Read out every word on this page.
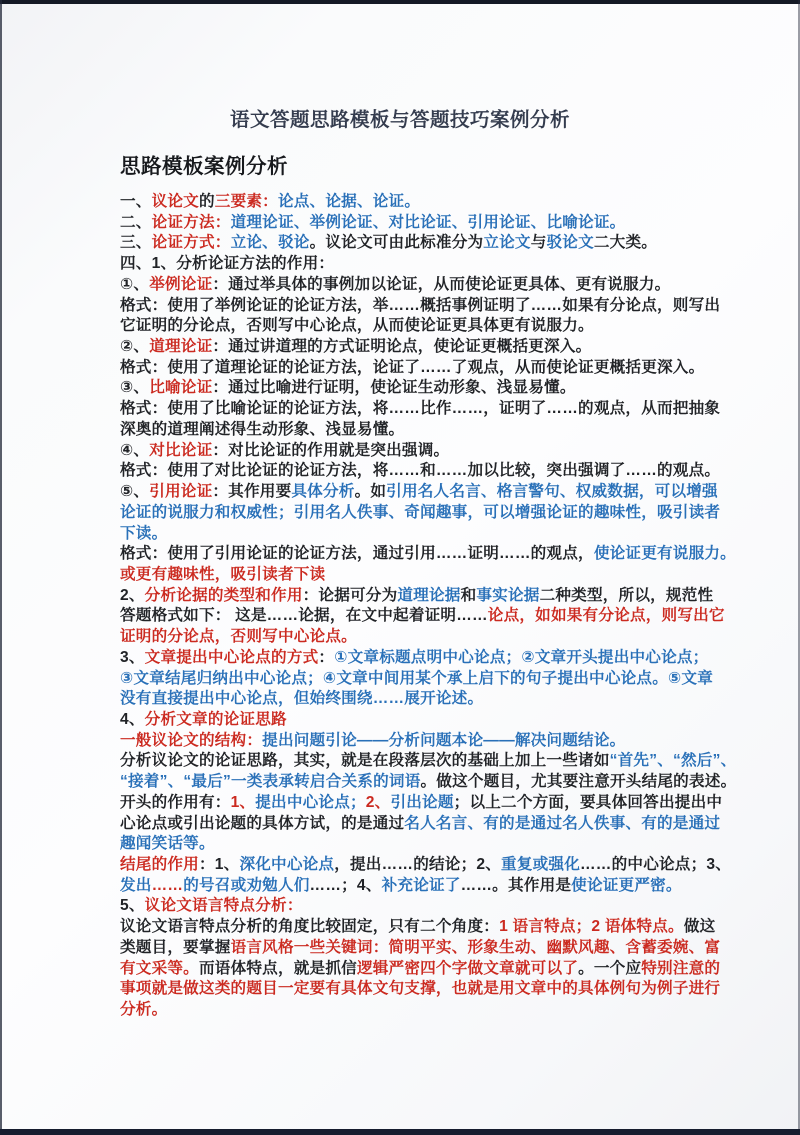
语文答题思路模板与答题技巧案例分析
思路模板案例分析
一、议论文的三要素：论点、论据、论证。
二、论证方法：道理论证、举例论证、对比论证、引用论证、比喻论证。
三、论证方式：立论、驳论。议论文可由此标准分为立论文与驳论文二大类。
四、1、分析论证方法的作用：
①、举例论证：通过举具体的事例加以论证，从而使论证更具体、更有说服力。
格式：使用了举例论证的论证方法，举……概括事例证明了……如果有分论点，则写出
它证明的分论点，否则写中心论点，从而使论证更具体更有说服力。
②、道理论证：通过讲道理的方式证明论点，使论证更概括更深入。
格式：使用了道理论证的论证方法，论证了……了观点，从而使论证更概括更深入。
③、比喻论证：通过比喻进行证明，使论证生动形象、浅显易懂。
格式：使用了比喻论证的论证方法，将……比作……，证明了……的观点，从而把抽象
深奥的道理阐述得生动形象、浅显易懂。
④、对比论证：对比论证的作用就是突出强调。
格式：使用了对比论证的论证方法，将……和……加以比较，突出强调了……的观点。
⑤、引用论证：其作用要具体分析。如引用名人名言、格言警句、权威数据，可以增强
论证的说服力和权威性；引用名人佚事、奇闻趣事，可以增强论证的趣味性，吸引读者
下读。
格式：使用了引用论证的论证方法，通过引用……证明……的观点，使论证更有说服力。
或更有趣味性，吸引读者下读
2、分析论据的类型和作用：论据可分为道理论据和事实论据二种类型，所以，规范性
答题格式如下： 这是……论据，在文中起着证明……论点，如如果有分论点，则写出它
证明的分论点，否则写中心论点。
3、文章提出中心论点的方式：①文章标题点明中心论点；②文章开头提出中心论点；
③文章结尾归纳出中心论点；④文章中间用某个承上启下的句子提出中心论点。⑤文章
没有直接提出中心论点，但始终围绕……展开论述。
4、分析文章的论证思路
一般议论文的结构：提出问题引论——分析问题本论——解决问题结论。
分析议论文的论证思路，其实，就是在段落层次的基础上加上一些诸如“首先”、“然后”、
“接着”、“最后”一类表承转启合关系的词语。做这个题目，尤其要注意开头结尾的表述。
开头的作用有：1、提出中心论点；2、引出论题；以上二个方面，要具体回答出提出中
心论点或引出论题的具体方试，的是通过名人名言、有的是通过名人佚事、有的是通过
趣闻笑话等。
结尾的作用：1、深化中心论点，提出……的结论；2、重复或强化……的中心论点；3、
发出……的号召或劝勉人们……；4、补充论证了……。其作用是使论证更严密。
5、议论文语言特点分析：
议论文语言特点分析的角度比较固定，只有二个角度：1 语言特点；2 语体特点。做这
类题目，要掌握语言风格一些关键词：简明平实、形象生动、幽默风趣、含蓄委婉、富
有文采等。而语体特点，就是抓信逻辑严密四个字做文章就可以了。一个应特别注意的
事项就是做这类的题目一定要有具体文句支撑，也就是用文章中的具体例句为例子进行
分析。
